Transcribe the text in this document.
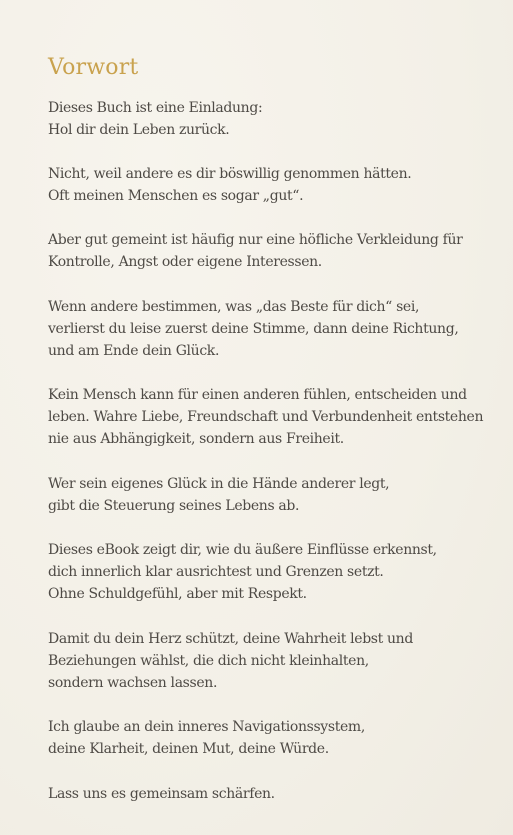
Vorwort
Dieses Buch ist eine Einladung:
Hol dir dein Leben zurück.
Nicht, weil andere es dir böswillig genommen hätten.
Oft meinen Menschen es sogar „gut“.
Aber gut gemeint ist häufig nur eine höfliche Verkleidung für
Kontrolle, Angst oder eigene Interessen.
Wenn andere bestimmen, was „das Beste für dich“ sei,
verlierst du leise zuerst deine Stimme, dann deine Richtung,
und am Ende dein Glück.
Kein Mensch kann für einen anderen fühlen, entscheiden und
leben. Wahre Liebe, Freundschaft und Verbundenheit entstehen
nie aus Abhängigkeit, sondern aus Freiheit.
Wer sein eigenes Glück in die Hände anderer legt,
gibt die Steuerung seines Lebens ab.
Dieses eBook zeigt dir, wie du äußere Einflüsse erkennst,
dich innerlich klar ausrichtest und Grenzen setzt.
Ohne Schuldgefühl, aber mit Respekt.
Damit du dein Herz schützt, deine Wahrheit lebst und
Beziehungen wählst, die dich nicht kleinhalten,
sondern wachsen lassen.
Ich glaube an dein inneres Navigationssystem,
deine Klarheit, deinen Mut, deine Würde.
Lass uns es gemeinsam schärfen.
